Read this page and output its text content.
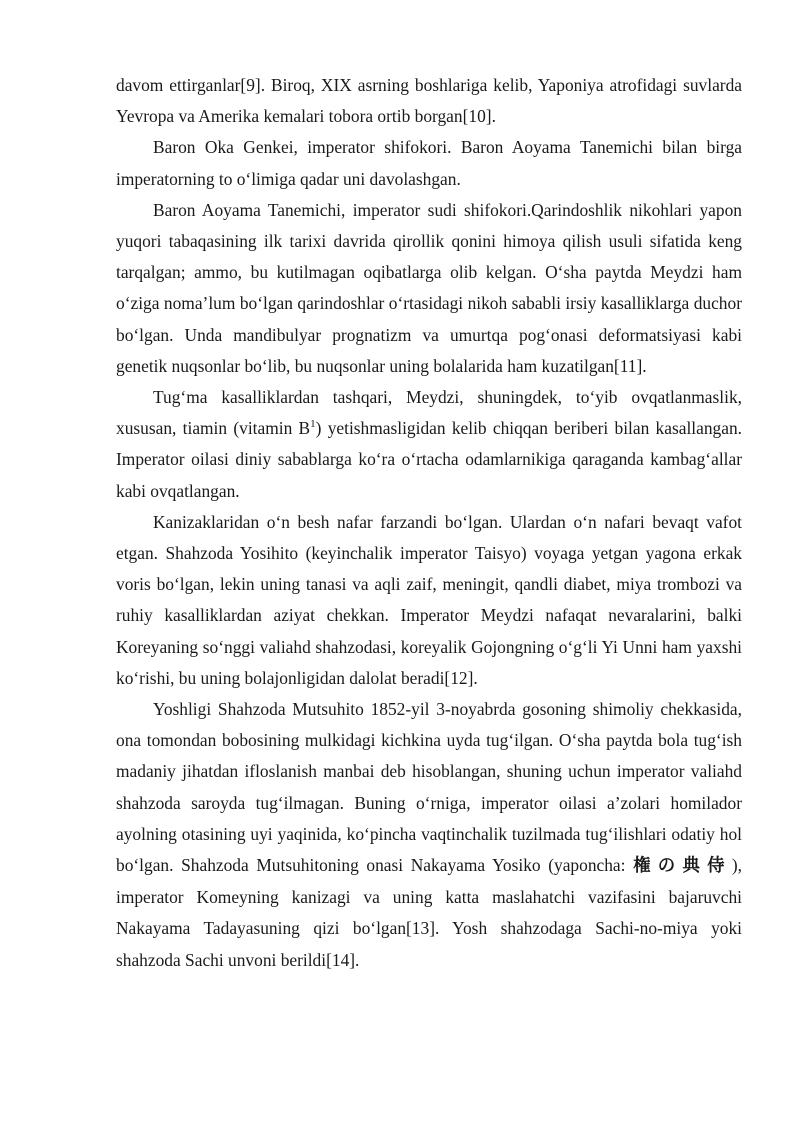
davom ettirganlar[9]. Biroq, XIX asrning boshlariga kelib, Yaponiya atrofidagi suvlarda Yevropa va Amerika kemalari tobora ortib borgan[10].

Baron Oka Genkei, imperator shifokori. Baron Aoyama Tanemichi bilan birga imperatorning to o‘limiga qadar uni davolashgan.

Baron Aoyama Tanemichi, imperator sudi shifokori.Qarindoshlik nikohlari yapon yuqori tabaqasining ilk tarixi davrida qirollik qonini himoya qilish usuli sifatida keng tarqalgan; ammo, bu kutilmagan oqibatlarga olib kelgan. O‘sha paytda Meydzi ham o‘ziga noma’lum bo‘lgan qarindoshlar o‘rtasidagi nikoh sababli irsiy kasalliklarga duchor bo‘lgan. Unda mandibulyar prognatizm va umurtqa pog‘onasi deformatsiyasi kabi genetik nuqsonlar bo‘lib, bu nuqsonlar uning bolalarida ham kuzatilgan[11].

Tug‘ma kasalliklardan tashqari, Meydzi, shuningdek, to‘yib ovqatlanmaslik, xususan, tiamin (vitamin $B^1$) yetishmasligidan kelib chiqqan beriberi bilan kasallangan. Imperator oilasi diniy sabablarga ko‘ra o‘rtacha odamlarnikiga qaraganda kambag‘allar kabi ovqatlangan.

Kanizaklaridan o‘n besh nafar farzandi bo‘lgan. Ulardan o‘n nafari bevaqt vafot etgan. Shahzoda Yosihito (keyinchalik imperator Taisyo) voyaga yetgan yagona erkak voris bo‘lgan, lekin uning tanasi va aqli zaif, meningit, qandli diabet, miya trombozi va ruhiy kasalliklardan aziyat chekkan. Imperator Meydzi nafaqat nevaralarini, balki Koreyaning so‘nggi valiahd shahzodasi, koreyalik Gojongning o‘g‘li Yi Unni ham yaxshi ko‘rishi, bu uning bolajonligidan dalolat beradi[12].

Yoshligi Shahzoda Mutsuhito 1852-yil 3-noyabrda gosoning shimoliy chekkasida, ona tomondan bobosining mulkidagi kichkina uyda tug‘ilgan. O‘sha paytda bola tug‘ish madaniy jihatdan ifloslanish manbai deb hisoblangan, shuning uchun imperator valiahd shahzoda saroyda tug‘ilmagan. Buning o‘rniga, imperator oilasi a’zolari homilador ayolning otasining uyi yaqinida, ko‘pincha vaqtinchalik tuzilmada tug‘ilishlari odatiy hol bo‘lgan. Shahzoda Mutsuhitoning onasi Nakayama Yosiko (yaponcha: 権の典侍), imperator Komeyning kanizagi va uning katta maslahatchi vazifasini bajaruvchi Nakayama Tadayasuning qizi bo‘lgan[13]. Yosh shahzodaga Sachi-no-miya yoki shahzoda Sachi unvoni berildi[14].
